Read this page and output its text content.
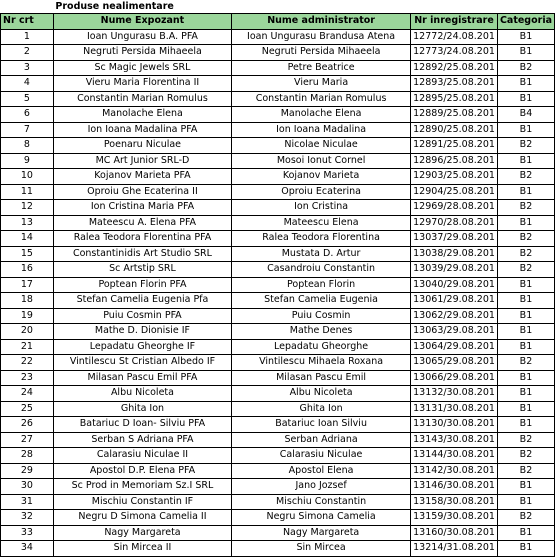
	Produse nealimentare			
Nr crt	Nume Expozant	Nume administrator	Nr inregistrare	Categoria
1	Ioan Ungurasu B.A. PFA	Ioan Ungurasu Brandusa Atena	12772/24.08.201	B1
2	Negruti Persida Mihaeela	Negruti Persida Mihaeela	12773/24.08.201	B1
3	Sc Magic Jewels SRL	Petre Beatrice	12892/25.08.201	B2
4	Vieru Maria Florentina II	Vieru Maria	12893/25.08.201	B1
5	Constantin Marian Romulus	Constantin Marian Romulus	12895/25.08.201	B1
6	Manolache Elena	Manolache Elena	12889/25.08.201	B4
7	Ion Ioana Madalina PFA	Ion Ioana Madalina	12890/25.08.201	B1
8	Poenaru Niculae	Nicolae Niculae	12891/25.08.201	B2
9	MC Art Junior SRL-D	Mosoi Ionut Cornel	12896/25.08.201	B1
10	Kojanov Marieta PFA	Kojanov Marieta	12903/25.08.201	B2
11	Oproiu Ghe Ecaterina II	Oproiu Ecaterina	12904/25.08.201	B1
12	Ion Cristina Maria PFA	Ion Cristina	12969/28.08.201	B2
13	Mateescu A. Elena PFA	Mateescu Elena	12970/28.08.201	B1
14	Ralea Teodora Florentina PFA	Ralea Teodora Florentina	13037/29.08.201	B2
15	Constantinidis Art Studio SRL	Mustata D. Artur	13038/29.08.201	B2
16	Sc Artstip SRL	Casandroiu Constantin	13039/29.08.201	B2
17	Poptean Florin PFA	Poptean Florin	13040/29.08.201	B1
18	Stefan Camelia Eugenia Pfa	Stefan Camelia Eugenia	13061/29.08.201	B1
19	Puiu Cosmin PFA	Puiu Cosmin	13062/29.08.201	B1
20	Mathe D. Dionisie IF	Mathe Denes	13063/29.08.201	B1
21	Lepadatu Gheorghe IF	Lepadatu Gheorghe	13064/29.08.201	B1
22	Vintilescu St Cristian Albedo IF	Vintilescu Mihaela Roxana	13065/29.08.201	B2
23	Milasan Pascu Emil PFA	Milasan Pascu Emil	13066/29.08.201	B1
24	Albu Nicoleta	Albu Nicoleta	13132/30.08.201	B1
25	Ghita Ion	Ghita Ion	13131/30.08.201	B1
26	Batariuc D Ioan- Silviu PFA	Batariuc Ioan Silviu	13130/30.08.201	B1
27	Serban S Adriana PFA	Serban Adriana	13143/30.08.201	B2
28	Calarasiu Niculae II	Calarasiu Niculae	13144/30.08.201	B2
29	Apostol D.P. Elena PFA	Apostol Elena	13142/30.08.201	B2
30	Sc Prod in Memoriam Sz.I SRL	Jano Jozsef	13146/30.08.201	B1
31	Mischiu Constantin IF	Mischiu Constantin	13158/30.08.201	B1
32	Negru D Simona Camelia II	Negru Simona Camelia	13159/30.08.201	B2
33	Nagy Margareta	Nagy Margareta	13160/30.08.201	B1
34	Sin Mircea II	Sin Mircea	13214/31.08.201	B1
